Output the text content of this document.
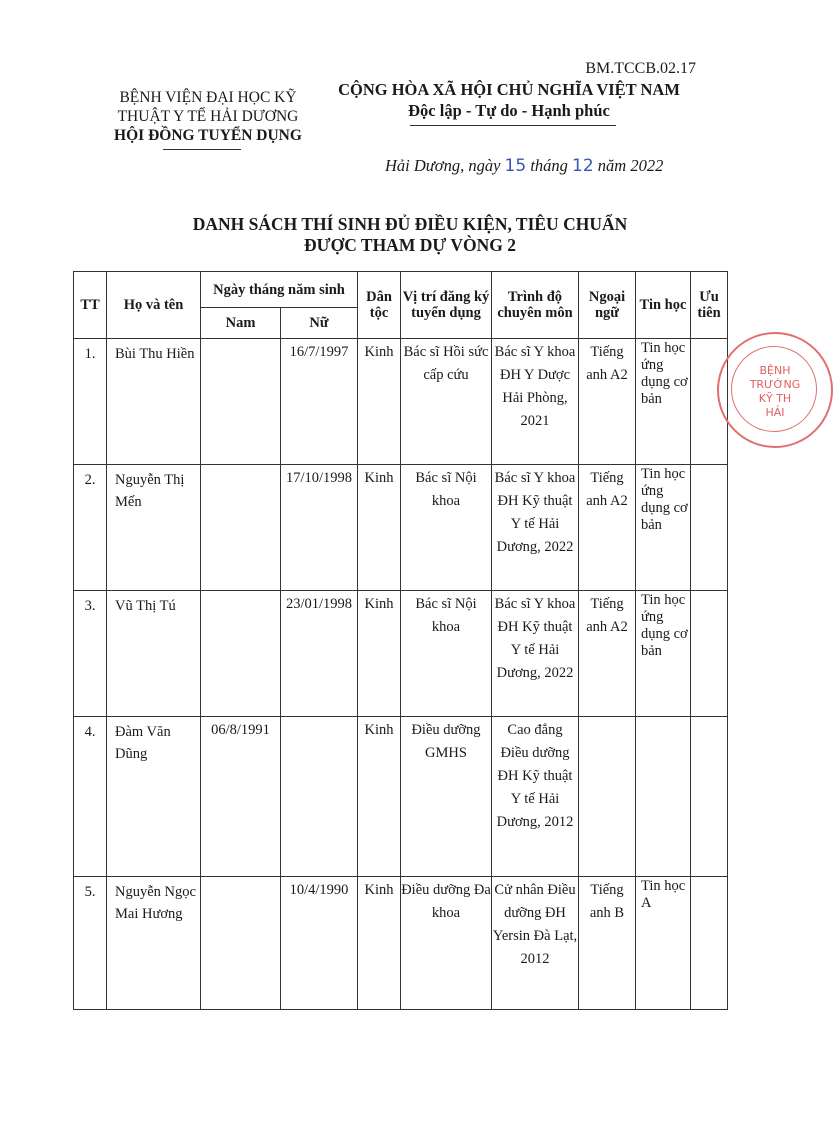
BM.TCCB.02.17
BỆNH VIỆN ĐẠI HỌC KỸ
THUẬT Y TẾ HẢI DƯƠNG
HỘI ĐỒNG TUYỂN DỤNG
CỘNG HÒA XÃ HỘI CHỦ NGHĨA VIỆT NAM
Độc lập - Tự do - Hạnh phúc
Hải Dương, ngày 15 tháng 12 năm 2022
DANH SÁCH THÍ SINH ĐỦ ĐIỀU KIỆN, TIÊU CHUẨN
ĐƯỢC THAM DỰ VÒNG 2
TT	Họ và tên	Ngày tháng năm sinh		Dân tộc	Vị trí đăng ký tuyển dụng	Trình độ chuyên môn	Ngoại ngữ	Tin học	Ưu tiên
		Nam	Nữ						
1.	Bùi Thu Hiền		16/7/1997	Kinh	Bác sĩ Hồi sức cấp cứu	Bác sĩ Y khoa ĐH Y Dược Hải Phòng, 2021	Tiếng anh A2	Tin học ứng dụng cơ bản	
2.	Nguyễn Thị Mến		17/10/1998	Kinh	Bác sĩ Nội khoa	Bác sĩ Y khoa ĐH Kỹ thuật Y tế Hải Dương, 2022	Tiếng anh A2	Tin học ứng dụng cơ bản	
3.	Vũ Thị Tú		23/01/1998	Kinh	Bác sĩ Nội khoa	Bác sĩ Y khoa ĐH Kỹ thuật Y tế Hải Dương, 2022	Tiếng anh A2	Tin học ứng dụng cơ bản	
4.	Đàm Văn Dũng	06/8/1991		Kinh	Điều dưỡng GMHS	Cao đẳng Điều dưỡng ĐH Kỹ thuật Y tế Hải Dương, 2012			
5.	Nguyễn Ngọc Mai Hương		10/4/1990	Kinh	Điều dưỡng Đa khoa	Cử nhân Điều dưỡng ĐH Yersin Đà Lạt, 2012	Tiếng anh B	Tin học A	
BỆNH
TRƯỜNG
KỸ TH
HẢI
